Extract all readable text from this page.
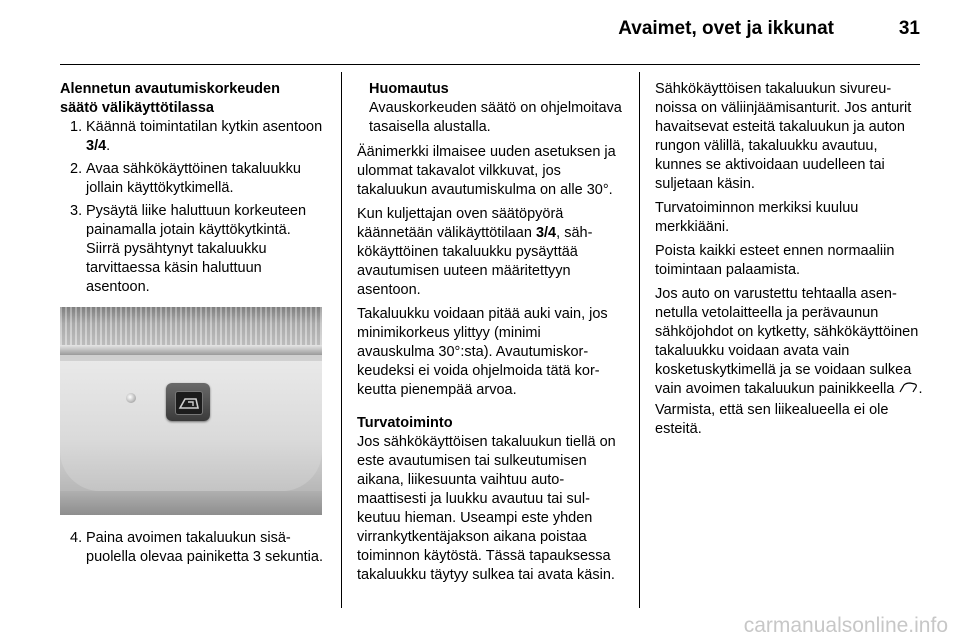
Avaimet, ovet ja ikkunat	31
Alennetun avautumiskorkeuden
säätö välikäyttötilassa
1. Käännä toimintatilan kytkin asentoon 3/4.
2. Avaa sähkökäyttöinen takaluukku jollain käyttökytkimellä.
3. Pysäytä liike haluttuun korkeuteen painamalla jotain käyttökytkintä. Siirrä pysähtynyt takaluukku tarvittaessa käsin haluttuun asentoon.
4. Paina avoimen takaluukun sisäpuolella olevaa painiketta 3 sekuntia.
Huomautus
Avauskorkeuden säätö on ohjelmoitava tasaisella alustalla.

Äänimerkki ilmaisee uuden asetuksen ja ulommat takavalot vilkkuvat, jos takaluukun avautumiskulma on alle 30°.

Kun kuljettajan oven säätöpyörä käännetään välikäyttötilaan 3/4, sähkökäyttöinen takaluukku pysäyttää avautumisen uuteen määritettyyn asentoon.

Takaluukku voidaan pitää auki vain, jos minimikorkeus ylittyy (minimi avauskulma 30°:sta). Avautumiskorkeudeksi ei voida ohjelmoida tätä korkeutta pienempää arvoa.

Turvatoiminto

Jos sähkökäyttöisen takaluukun tiellä on este avautumisen tai sulkeutumisen aikana, liikesuunta vaihtuu automaattisesti ja luukku avautuu tai sulkeutuu hieman. Useampi este yhden virrankytkentäjakson aikana poistaa toiminnon käytöstä. Tässä tapauksessa takaluukku täytyy sulkea tai avata käsin.

Sähkökäyttöisen takaluukun sivureunoissa on väliinjäämisanturit. Jos anturit havaitsevat esteitä takaluukun ja auton rungon välillä, takaluukku avautuu, kunnes se aktivoidaan uudelleen tai suljetaan käsin.

Turvatoiminnon merkiksi kuuluu merkkiääni.

Poista kaikki esteet ennen normaaliin toimintaan palaamista.

Jos auto on varustettu tehtaalla asennetulla vetolaitteella ja perävaunun sähköjohdot on kytketty, sähkökäyttöinen takaluukku voidaan avata vain kosketuskytkimellä ja se voidaan sulkea vain avoimen takaluukun painikkeella . Varmista, että sen liikealueella ei ole esteitä.

carmanualsonline.info
